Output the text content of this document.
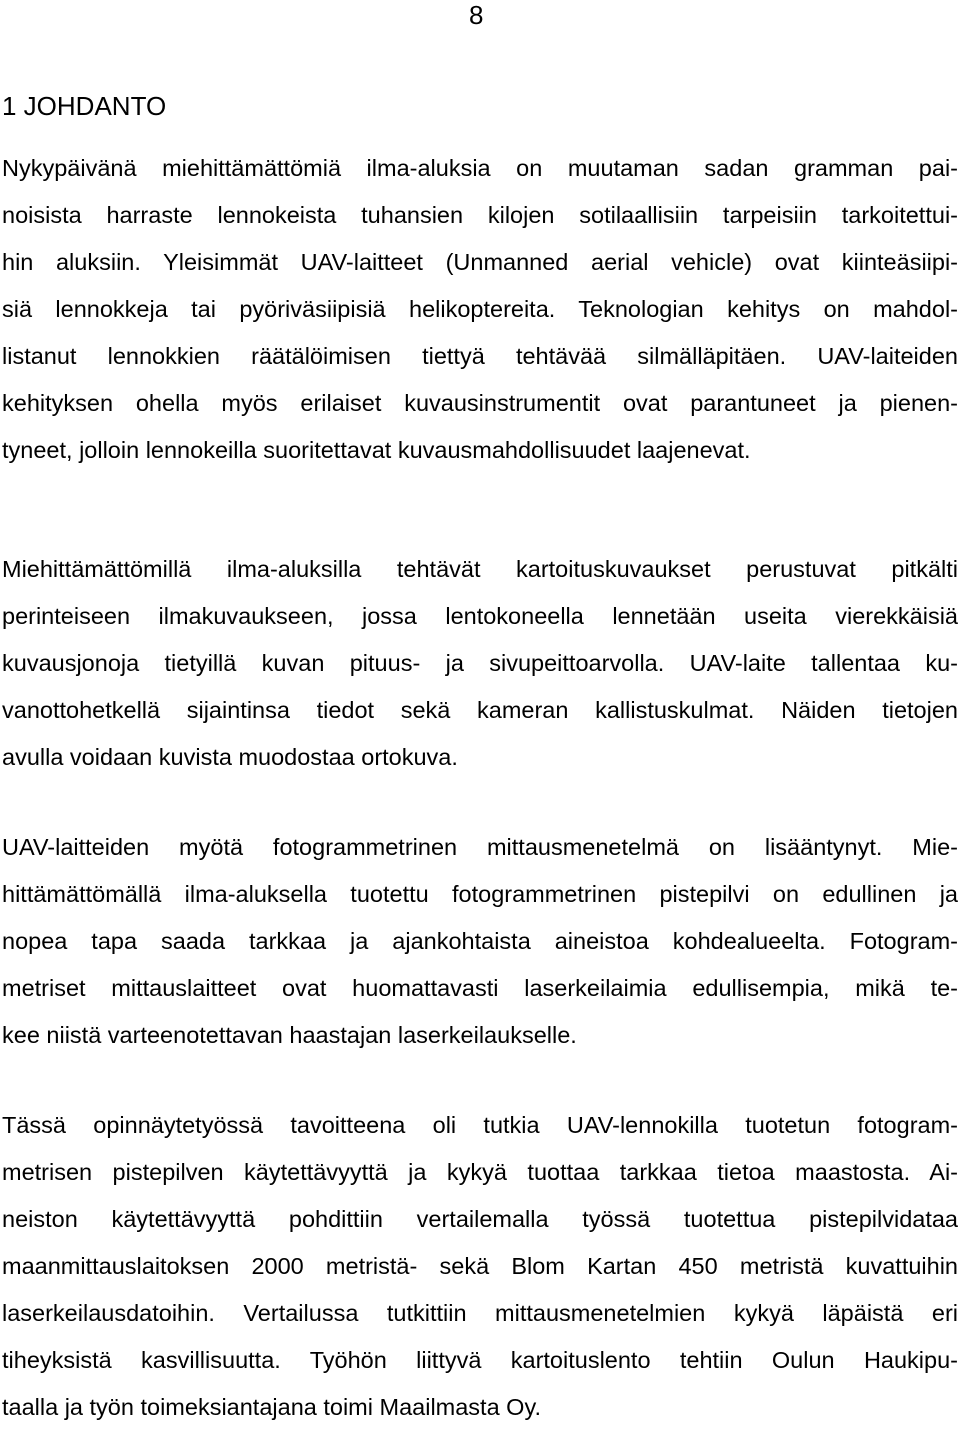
8
1 JOHDANTO
Nykypäivänä miehittämättömiä ilma-aluksia on muutaman sadan gramman pai-
noisista harraste lennokeista tuhansien kilojen sotilaallisiin tarpeisiin tarkoitettui-
hin aluksiin. Yleisimmät UAV-laitteet (Unmanned aerial vehicle) ovat kiinteäsiipi-
siä lennokkeja tai pyöriväsiipisiä helikoptereita. Teknologian kehitys on mahdol-
listanut lennokkien räätälöimisen tiettyä tehtävää silmälläpitäen. UAV-laiteiden
kehityksen ohella myös erilaiset kuvausinstrumentit ovat parantuneet ja pienen-
tyneet, jolloin lennokeilla suoritettavat kuvausmahdollisuudet laajenevat.
Miehittämättömillä ilma-aluksilla tehtävät kartoituskuvaukset perustuvat pitkälti
perinteiseen ilmakuvaukseen, jossa lentokoneella lennetään useita vierekkäisiä
kuvausjonoja tietyillä kuvan pituus- ja sivupeittoarvolla. UAV-laite tallentaa ku-
vanottohetkellä sijaintinsa tiedot sekä kameran kallistuskulmat. Näiden tietojen
avulla voidaan kuvista muodostaa ortokuva.
UAV-laitteiden myötä fotogrammetrinen mittausmenetelmä on lisääntynyt. Mie-
hittämättömällä ilma-aluksella tuotettu fotogrammetrinen pistepilvi on edullinen ja
nopea tapa saada tarkkaa ja ajankohtaista aineistoa kohdealueelta. Fotogram-
metriset mittauslaitteet ovat huomattavasti laserkeilaimia edullisempia, mikä te-
kee niistä varteenotettavan haastajan laserkeilaukselle.
Tässä opinnäytetyössä tavoitteena oli tutkia UAV-lennokilla tuotetun fotogram-
metrisen pistepilven käytettävyyttä ja kykyä tuottaa tarkkaa tietoa maastosta. Ai-
neiston käytettävyyttä pohdittiin vertailemalla työssä tuotettua pistepilvidataa
maanmittauslaitoksen 2000 metristä- sekä Blom Kartan 450 metristä kuvattuihin
laserkeilausdatoihin. Vertailussa tutkittiin mittausmenetelmien kykyä läpäistä eri
tiheyksistä kasvillisuutta. Työhön liittyvä kartoituslento tehtiin Oulun Haukipu-
taalla ja työn toimeksiantajana toimi Maailmasta Oy.
